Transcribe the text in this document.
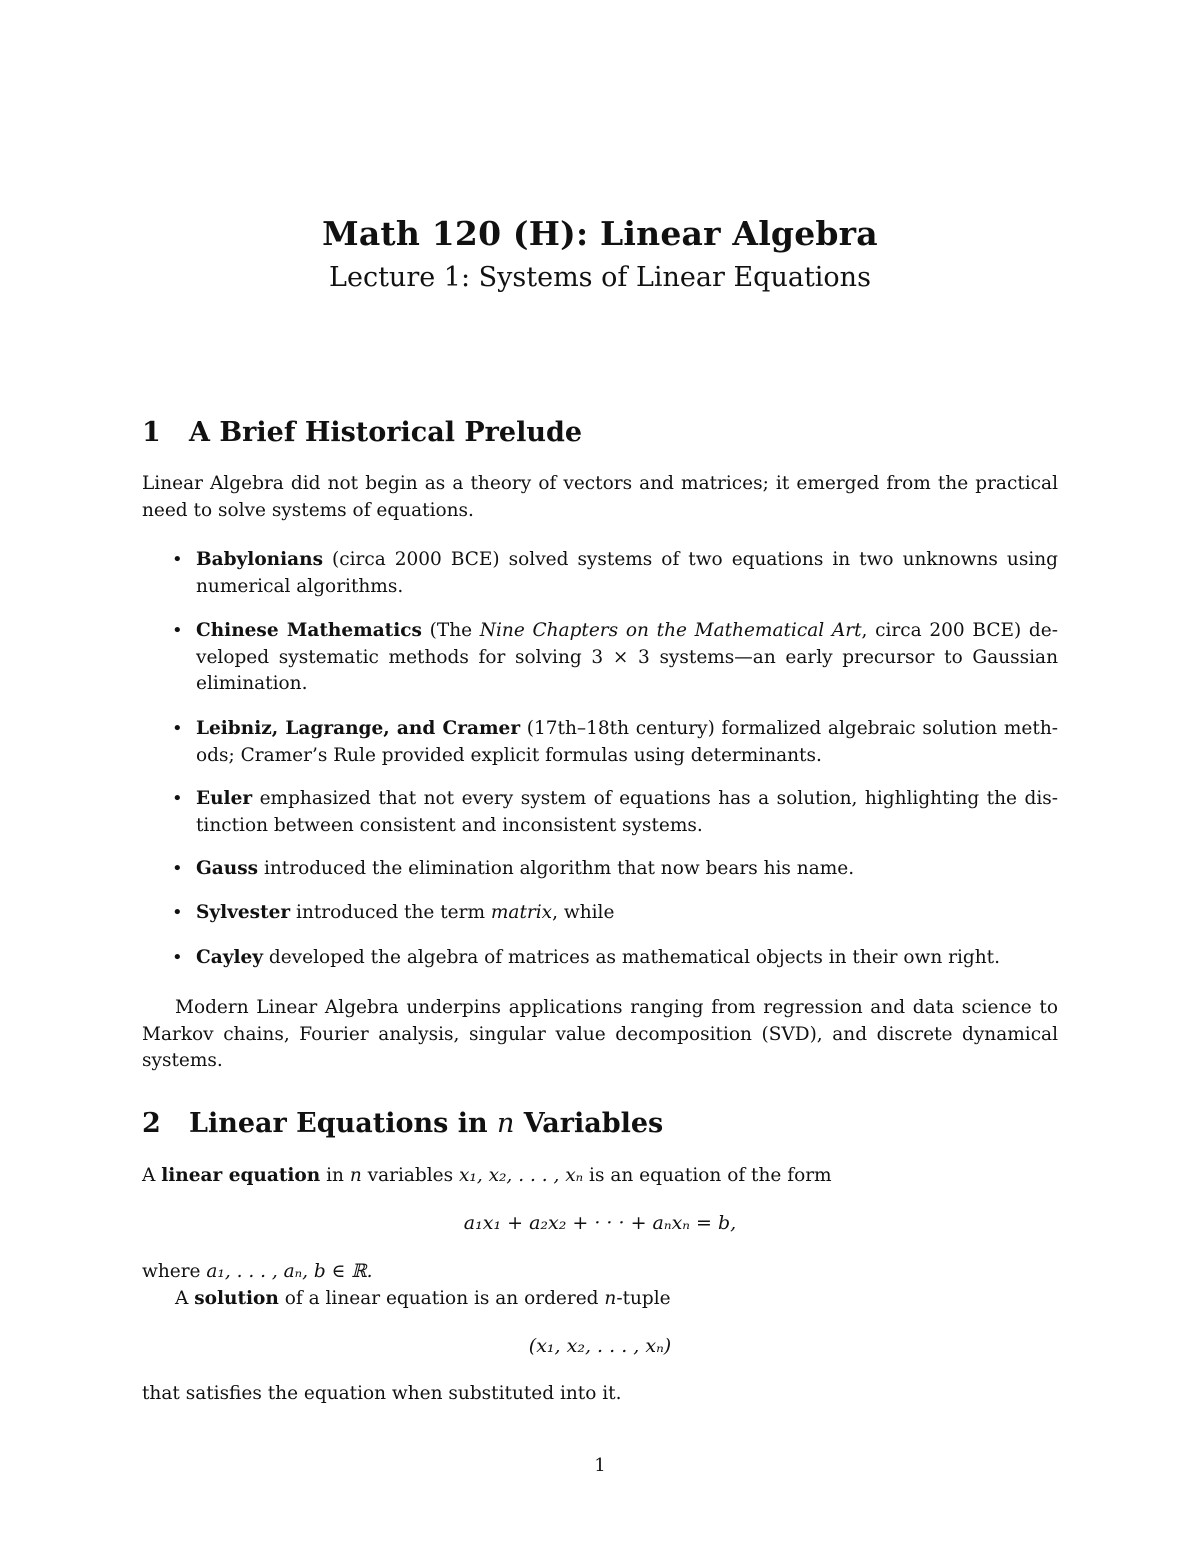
Math 120 (H): Linear Algebra
Lecture 1: Systems of Linear Equations
1 A Brief Historical Prelude
Linear Algebra did not begin as a theory of vectors and matrices; it emerged from the practical need to solve systems of equations.
• Babylonians (circa 2000 BCE) solved systems of two equations in two unknowns using numerical algorithms.
• Chinese Mathematics (The Nine Chapters on the Mathematical Art, circa 200 BCE) developed systematic methods for solving 3 × 3 systems—an early precursor to Gaussian elimination.
• Leibniz, Lagrange, and Cramer (17th–18th century) formalized algebraic solution methods; Cramer’s Rule provided explicit formulas using determinants.
• Euler emphasized that not every system of equations has a solution, highlighting the distinction between consistent and inconsistent systems.
• Gauss introduced the elimination algorithm that now bears his name.
• Sylvester introduced the term matrix, while
• Cayley developed the algebra of matrices as mathematical objects in their own right.
Modern Linear Algebra underpins applications ranging from regression and data science to Markov chains, Fourier analysis, singular value decomposition (SVD), and discrete dynamical systems.
2 Linear Equations in n Variables
A linear equation in n variables x₁, x₂, . . . , xₙ is an equation of the form
a₁x₁ + a₂x₂ + · · · + aₙxₙ = b,
where a₁, . . . , aₙ, b ∈ ℝ.
A solution of a linear equation is an ordered n-tuple
(x₁, x₂, . . . , xₙ)
that satisfies the equation when substituted into it.
1
